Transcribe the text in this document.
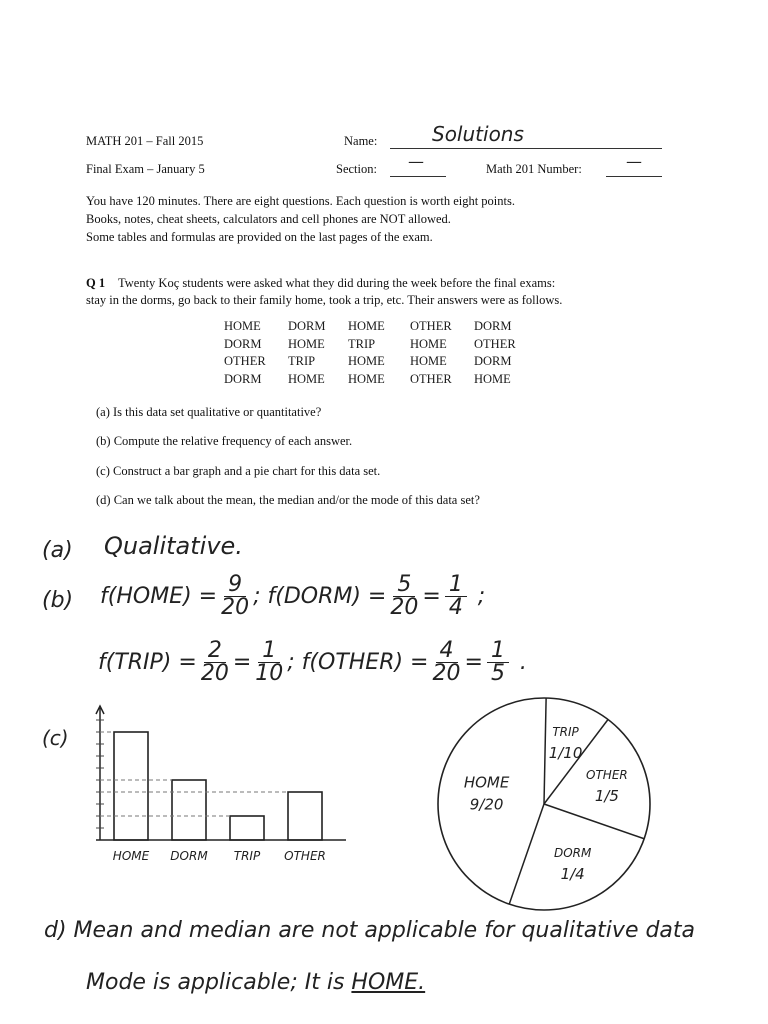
MATH 201 – Fall 2015	Name:	Solutions
Final Exam – January 5	Section: —	Math 201 Number:	—
You have 120 minutes. There are eight questions. Each question is worth eight points.
Books, notes, cheat sheets, calculators and cell phones are NOT allowed.
Some tables and formulas are provided on the last pages of the exam.
Q 1 Twenty Koç students were asked what they did during the week before the final exams:
stay in the dorms, go back to their family home, took a trip, etc. Their answers were as follows.
HOME	DORM	HOME	OTHER	DORM
DORM	HOME	TRIP	HOME	OTHER
OTHER	TRIP	HOME	HOME	DORM
DORM	HOME	HOME	OTHER	HOME
(a) Is this data set qualitative or quantitative?
(b) Compute the relative frequency of each answer.
(c) Construct a bar graph and a pie chart for this data set.
(d) Can we talk about the mean, the median and/or the mode of this data set?
(a) Qualitative.
(b) f(HOME) = $\frac{9}{20}$ ; f(DORM) = $\frac{5}{20} = \frac{1}{4}$ ;
f(TRIP) = $\frac{2}{20} = \frac{1}{10}$ ; f(OTHER) = $\frac{4}{20} = \frac{1}{5}$ .
(c)
HOME DORM TRIP OTHER
TRIP
1/10
OTHER
1/5
DORM
1/4
HOME
9/20
d) Mean and median are not applicable for qualitative data
Mode is applicable; It is HOME.
